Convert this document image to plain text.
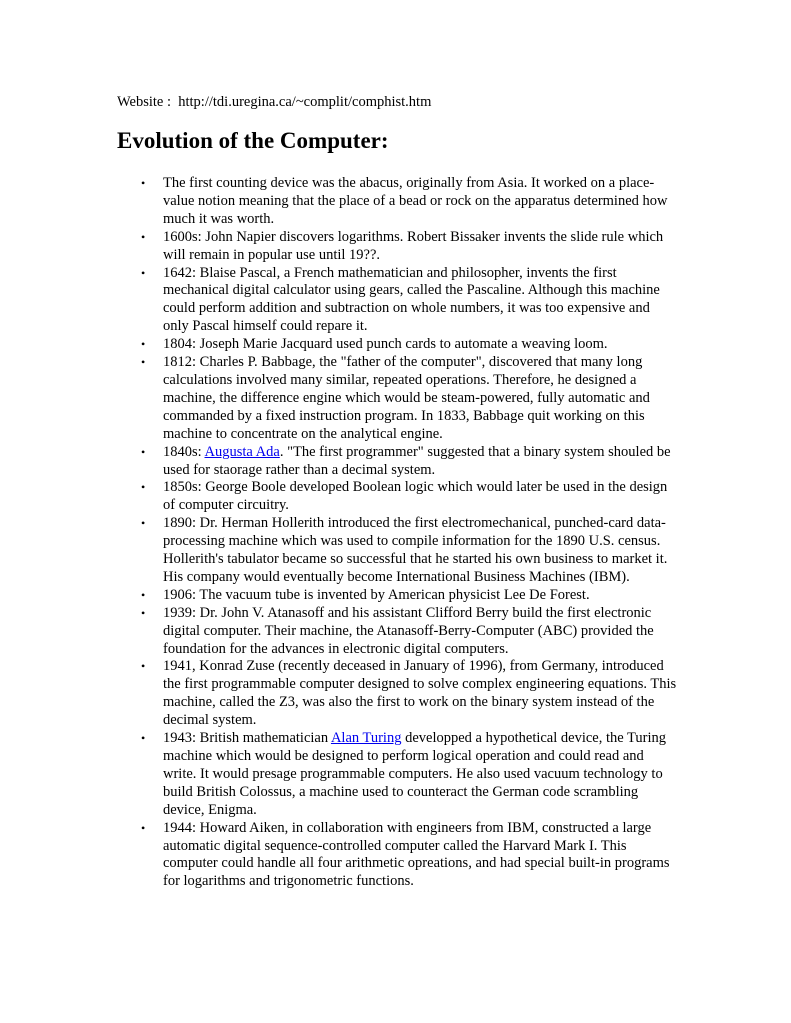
Website : http://tdi.uregina.ca/~complit/comphist.htm
Evolution of the Computer:
• The first counting device was the abacus, originally from Asia. It worked on a place-value notion meaning that the place of a bead or rock on the apparatus determined how much it was worth.
• 1600s: John Napier discovers logarithms. Robert Bissaker invents the slide rule which will remain in popular use until 19??.
• 1642: Blaise Pascal, a French mathematician and philosopher, invents the first mechanical digital calculator using gears, called the Pascaline. Although this machine could perform addition and subtraction on whole numbers, it was too expensive and only Pascal himself could repare it.
• 1804: Joseph Marie Jacquard used punch cards to automate a weaving loom.
• 1812: Charles P. Babbage, the "father of the computer", discovered that many long calculations involved many similar, repeated operations. Therefore, he designed a machine, the difference engine which would be steam-powered, fully automatic and commanded by a fixed instruction program. In 1833, Babbage quit working on this machine to concentrate on the analytical engine.
• 1840s: Augusta Ada. "The first programmer" suggested that a binary system shouled be used for staorage rather than a decimal system.
• 1850s: George Boole developed Boolean logic which would later be used in the design of computer circuitry.
• 1890: Dr. Herman Hollerith introduced the first electromechanical, punched-card data-processing machine which was used to compile information for the 1890 U.S. census. Hollerith's tabulator became so successful that he started his own business to market it. His company would eventually become International Business Machines (IBM).
• 1906: The vacuum tube is invented by American physicist Lee De Forest.
• 1939: Dr. John V. Atanasoff and his assistant Clifford Berry build the first electronic digital computer. Their machine, the Atanasoff-Berry-Computer (ABC) provided the foundation for the advances in electronic digital computers.
• 1941, Konrad Zuse (recently deceased in January of 1996), from Germany, introduced the first programmable computer designed to solve complex engineering equations. This machine, called the Z3, was also the first to work on the binary system instead of the decimal system.
• 1943: British mathematician Alan Turing developped a hypothetical device, the Turing machine which would be designed to perform logical operation and could read and write. It would presage programmable computers. He also used vacuum technology to build British Colossus, a machine used to counteract the German code scrambling device, Enigma.
• 1944: Howard Aiken, in collaboration with engineers from IBM, constructed a large automatic digital sequence-controlled computer called the Harvard Mark I. This computer could handle all four arithmetic opreations, and had special built-in programs for logarithms and trigonometric functions.
